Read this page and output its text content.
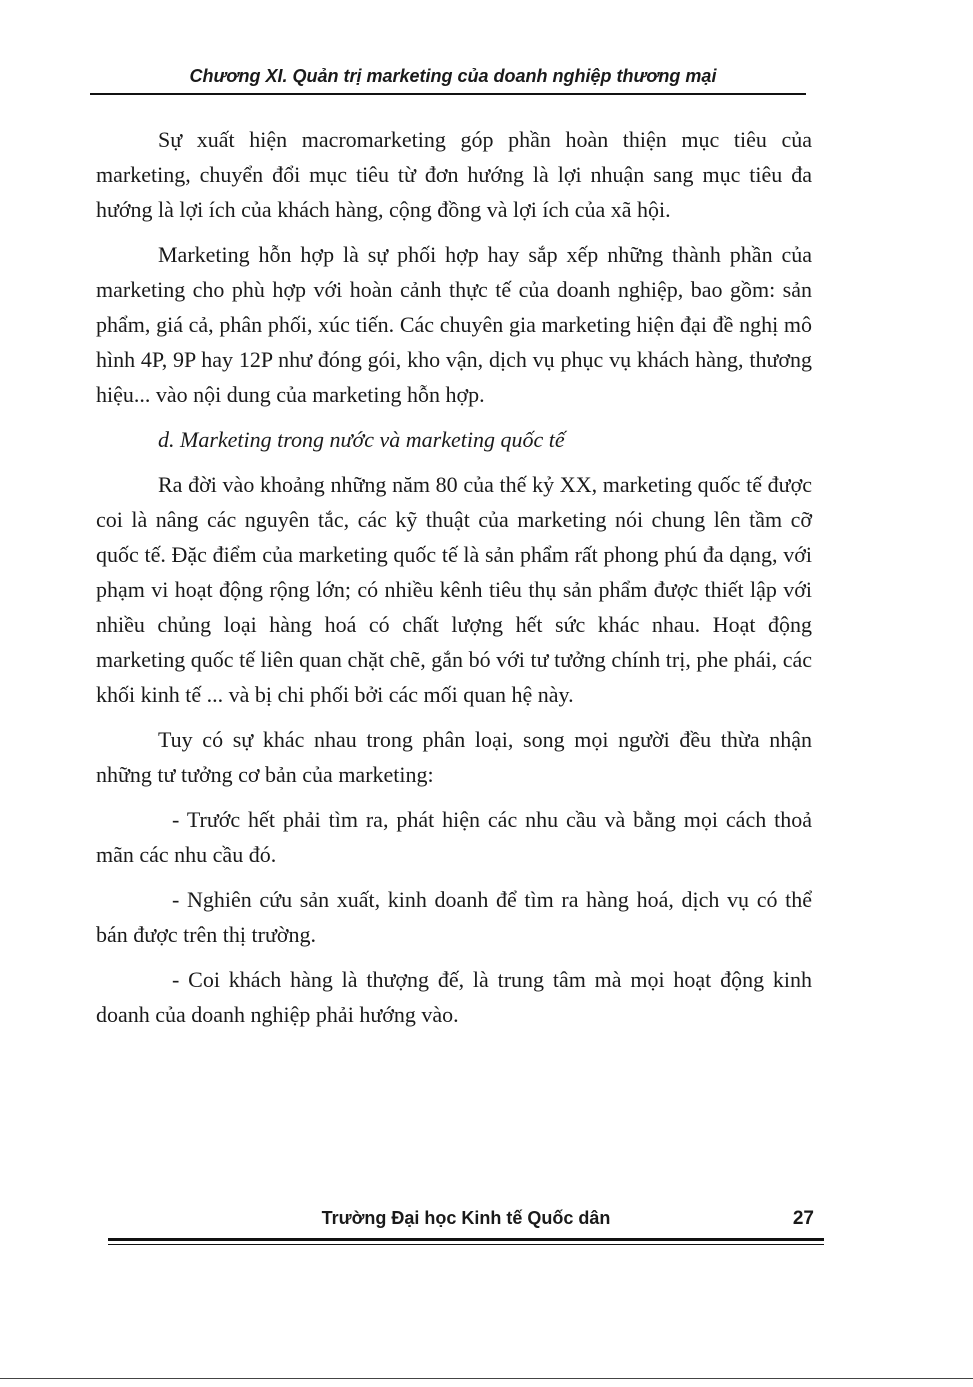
Chương XI. Quản trị marketing của doanh nghiệp thương mại

Sự xuất hiện macromarketing góp phần hoàn thiện mục tiêu của marketing, chuyển đổi mục tiêu từ đơn hướng là lợi nhuận sang mục tiêu đa hướng là lợi ích của khách hàng, cộng đồng và lợi ích của xã hội.

Marketing hỗn hợp là sự phối hợp hay sắp xếp những thành phần của marketing cho phù hợp với hoàn cảnh thực tế của doanh nghiệp, bao gồm: sản phẩm, giá cả, phân phối, xúc tiến. Các chuyên gia marketing hiện đại đề nghị mô hình 4P, 9P hay 12P như đóng gói, kho vận, dịch vụ phục vụ khách hàng, thương hiệu... vào nội dung của marketing hỗn hợp.

d. Marketing trong nước và marketing quốc tế

Ra đời vào khoảng những năm 80 của thế kỷ XX, marketing quốc tế được coi là nâng các nguyên tắc, các kỹ thuật của marketing nói chung lên tầm cỡ quốc tế. Đặc điểm của marketing quốc tế là sản phẩm rất phong phú đa dạng, với phạm vi hoạt động rộng lớn; có nhiều kênh tiêu thụ sản phẩm được thiết lập với nhiều chủng loại hàng hoá có chất lượng hết sức khác nhau. Hoạt động marketing quốc tế liên quan chặt chẽ, gắn bó với tư tưởng chính trị, phe phái, các khối kinh tế ... và bị chi phối bởi các mối quan hệ này.

Tuy có sự khác nhau trong phân loại, song mọi người đều thừa nhận những tư tưởng cơ bản của marketing:

- Trước hết phải tìm ra, phát hiện các nhu cầu và bằng mọi cách thoả mãn các nhu cầu đó.

- Nghiên cứu sản xuất, kinh doanh để tìm ra hàng hoá, dịch vụ có thể bán được trên thị trường.

- Coi khách hàng là thượng đế, là trung tâm mà mọi hoạt động kinh doanh của doanh nghiệp phải hướng vào.

Trường Đại học Kinh tế Quốc dân	27
